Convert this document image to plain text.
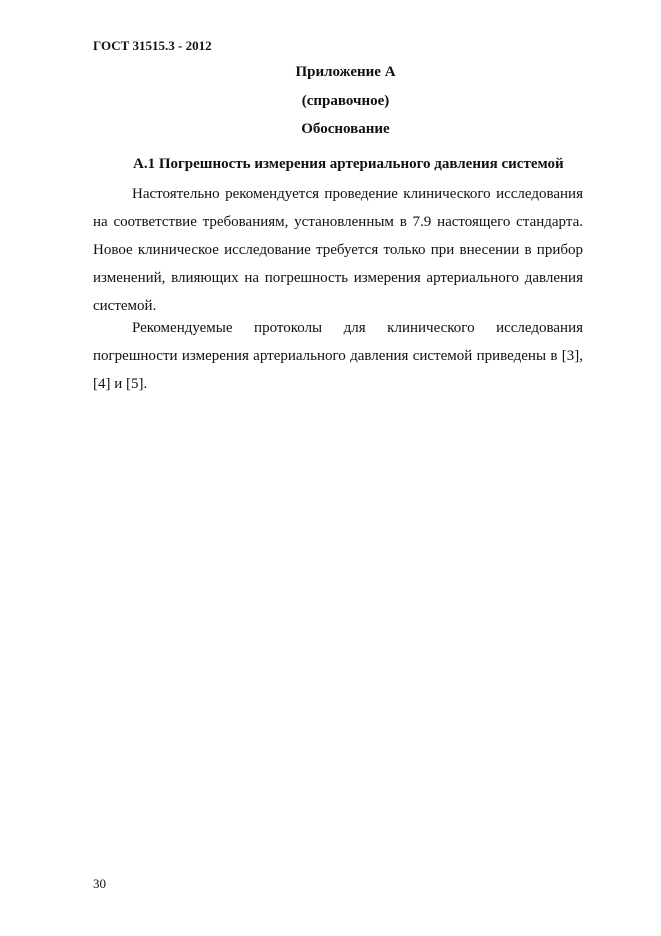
ГОСТ 31515.3 - 2012
Приложение А
(справочное)
Обоснование
А.1 Погрешность измерения артериального давления системой

Настоятельно рекомендуется проведение клинического исследования на соответствие требованиям, установленным в 7.9 настоящего стандарта. Новое клиническое исследование требуется только при внесении в прибор изменений, влияющих на погрешность измерения артериального давления системой.

Рекомендуемые протоколы для клинического исследования погрешности измерения артериального давления системой приведены в [3], [4] и [5].

30
